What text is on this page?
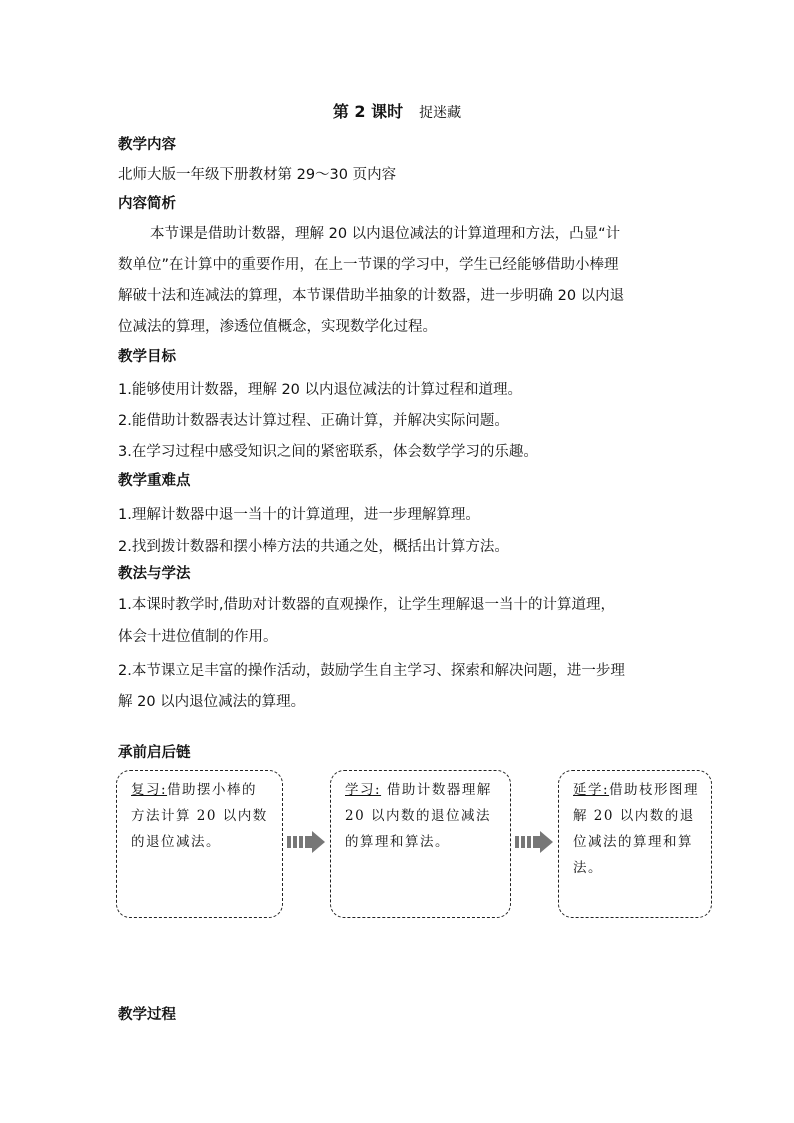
第 2 课时 捉迷藏
教学内容
北师大版一年级下册教材第 29～30 页内容
内容简析
本节课是借助计数器，理解 20 以内退位减法的计算道理和方法，凸显“计
数单位”在计算中的重要作用，在上一节课的学习中，学生已经能够借助小棒理
解破十法和连减法的算理，本节课借助半抽象的计数器，进一步明确 20 以内退
位减法的算理，渗透位值概念，实现数学化过程。
教学目标
1.能够使用计数器，理解 20 以内退位减法的计算过程和道理。
2.能借助计数器表达计算过程、正确计算，并解决实际问题。
3.在学习过程中感受知识之间的紧密联系，体会数学学习的乐趣。
教学重难点
1.理解计数器中退一当十的计算道理，进一步理解算理。
2.找到拨计数器和摆小棒方法的共通之处，概括出计算方法。
教法与学法
1.本课时教学时,借助对计数器的直观操作，让学生理解退一当十的计算道理，
体会十进位值制的作用。
2.本节课立足丰富的操作活动，鼓励学生自主学习、探索和解决问题，进一步理
解 20 以内退位减法的算理。
承前启后链
复习:借助摆小棒的方法计算 20 以内数的退位减法。
学习: 借助计数器理解 20 以内数的退位减法的算理和算法。
延学:借助枝形图理解 20 以内数的退位减法的算理和算法。
教学过程
